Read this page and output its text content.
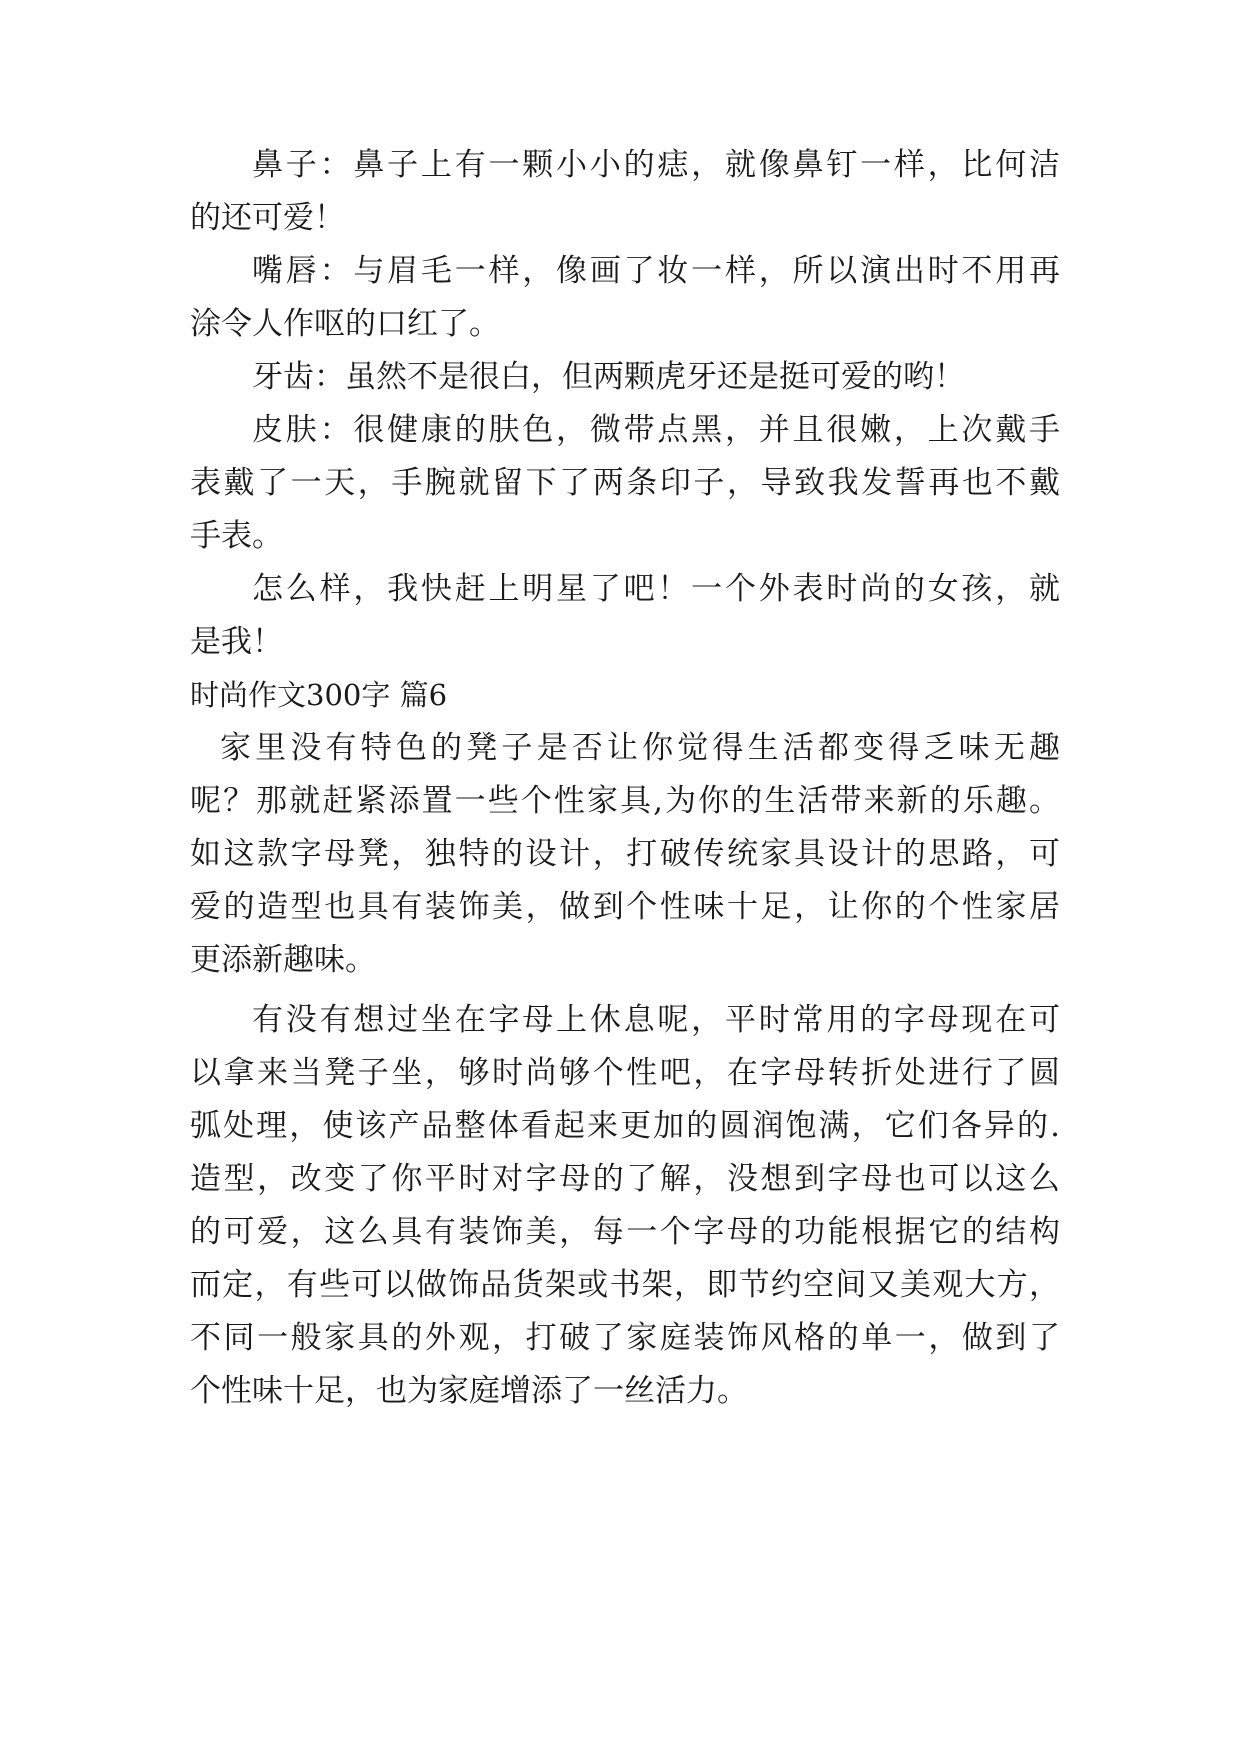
鼻子：鼻子上有一颗小小的痣，就像鼻钉一样，比何洁
的还可爱！
嘴唇：与眉毛一样，像画了妆一样，所以演出时不用再
涂令人作呕的口红了。
牙齿：虽然不是很白，但两颗虎牙还是挺可爱的哟！
皮肤：很健康的肤色，微带点黑，并且很嫩，上次戴手
表戴了一天，手腕就留下了两条印子，导致我发誓再也不戴
手表。
怎么样，我快赶上明星了吧！一个外表时尚的女孩，就
是我！
时尚作文300字 篇6
家里没有特色的凳子是否让你觉得生活都变得乏味无趣
呢？那就赶紧添置一些个性家具,为你的生活带来新的乐趣。
如这款字母凳，独特的设计，打破传统家具设计的思路，可
爱的造型也具有装饰美，做到个性味十足，让你的个性家居
更添新趣味。
有没有想过坐在字母上休息呢，平时常用的字母现在可
以拿来当凳子坐，够时尚够个性吧，在字母转折处进行了圆
弧处理，使该产品整体看起来更加的圆润饱满，它们各异的.
造型，改变了你平时对字母的了解，没想到字母也可以这么
的可爱，这么具有装饰美，每一个字母的功能根据它的结构
而定，有些可以做饰品货架或书架，即节约空间又美观大方，
不同一般家具的外观，打破了家庭装饰风格的单一，做到了
个性味十足，也为家庭增添了一丝活力。
